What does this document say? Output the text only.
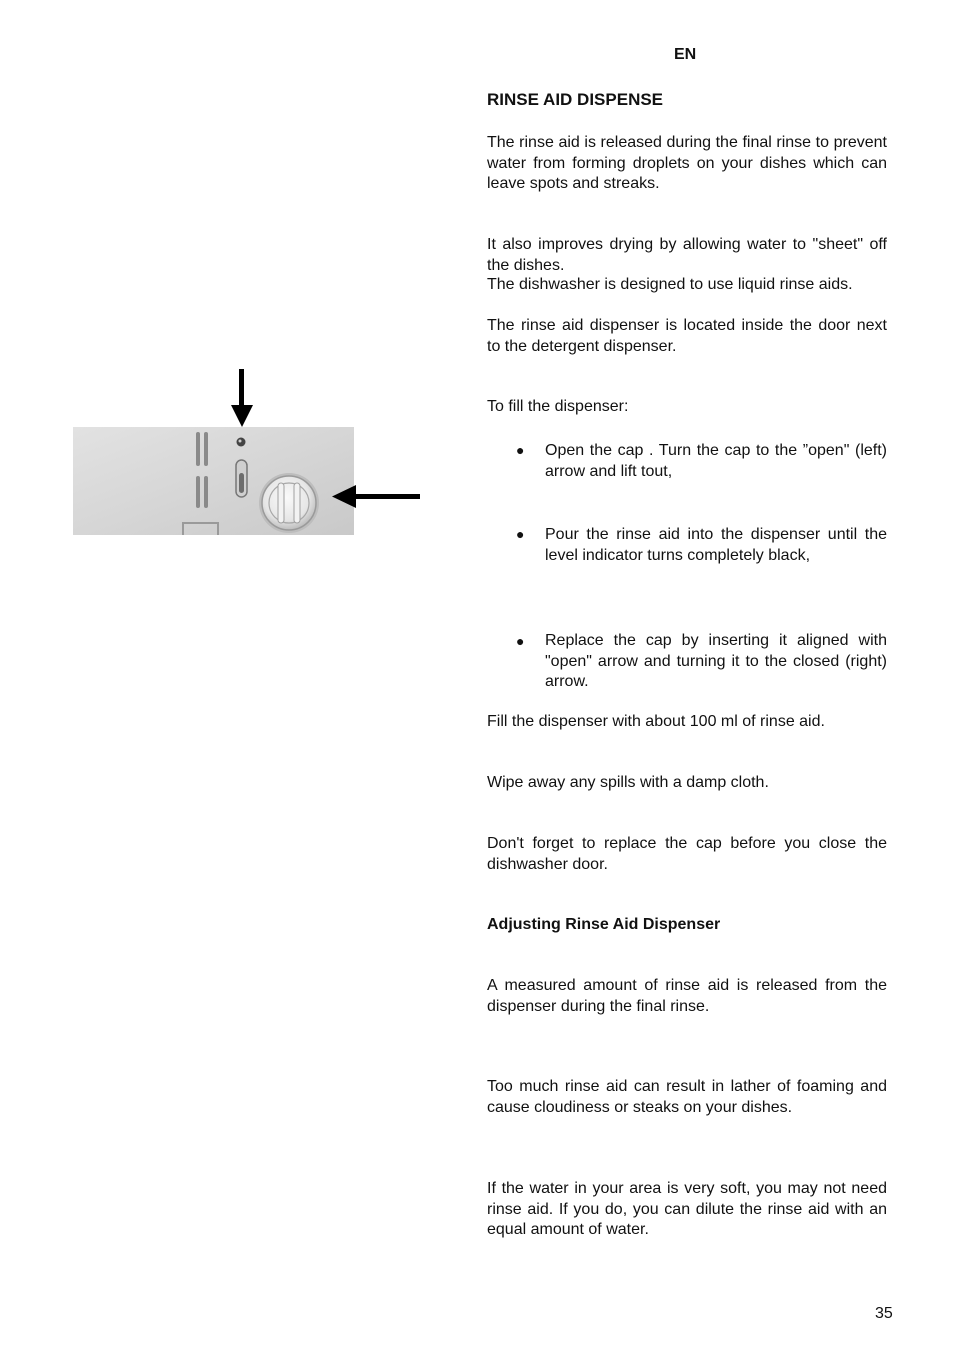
EN
RINSE AID DISPENSE
The rinse aid is released during the final rinse to prevent water from forming droplets on your dishes which can leave spots and streaks.
It also improves drying by allowing water to "sheet" off the dishes.
The dishwasher is designed to use liquid rinse aids.
The rinse aid dispenser is located inside the door next to the detergent dispenser.
To fill the dispenser:
● Open the cap . Turn the cap to the ”open" (left) arrow and lift tout,
● Pour the rinse aid into the dispenser until the level indicator turns completely black,
● Replace the cap by inserting it aligned with "open" arrow and turning it to the closed (right) arrow.
Fill the dispenser with about 100 ml of rinse aid.
Wipe away any spills with a damp cloth.
Don't forget to replace the cap before you close the dishwasher door.
Adjusting Rinse Aid Dispenser
A measured amount of rinse aid is released from the dispenser during the final rinse.
Too much rinse aid can result in lather of foaming and cause cloudiness or steaks on your dishes.
If the water in your area is very soft, you may not need rinse aid. If you do, you can dilute the rinse aid with an equal amount of water.
35
